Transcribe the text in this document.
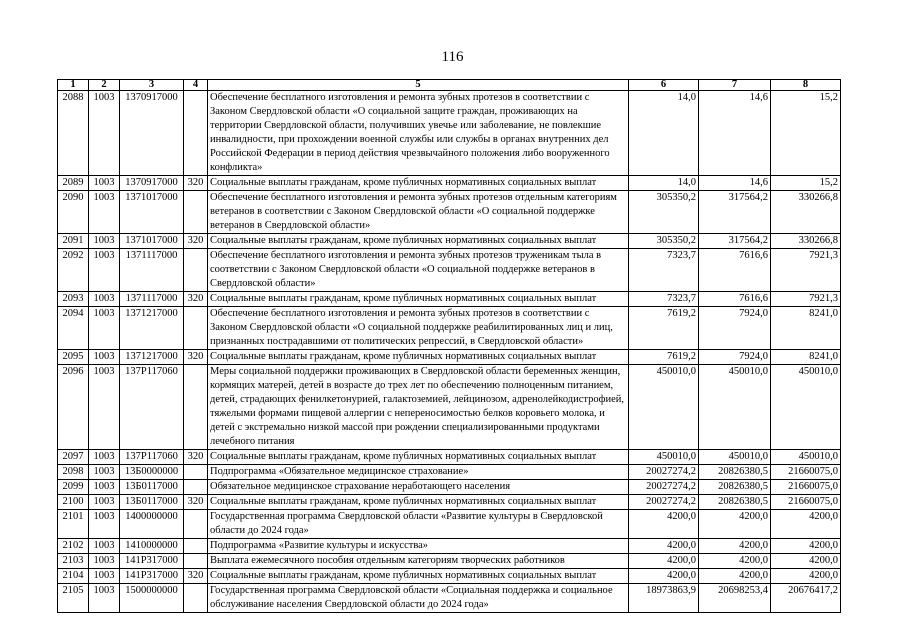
116
1	2	3	4	5	6	7	8
2088	1003	1370917000		Обеспечение бесплатного изготовления и ремонта зубных протезов в соответствии с Законом Свердловской области «О социальной защите граждан, проживающих на территории Свердловской области, получивших увечье или заболевание, не повлекшие инвалидности, при прохождении военной службы или службы в органах внутренних дел Российской Федерации в период действия чрезвычайного положения либо вооруженного конфликта»	14,0	14,6	15,2
2089	1003	1370917000	320	Социальные выплаты гражданам, кроме публичных нормативных социальных выплат	14,0	14,6	15,2
2090	1003	1371017000		Обеспечение бесплатного изготовления и ремонта зубных протезов отдельным категориям ветеранов в соответствии с Законом Свердловской области «О социальной поддержке ветеранов в Свердловской области»	305350,2	317564,2	330266,8
2091	1003	1371017000	320	Социальные выплаты гражданам, кроме публичных нормативных социальных выплат	305350,2	317564,2	330266,8
2092	1003	1371117000		Обеспечение бесплатного изготовления и ремонта зубных протезов труженикам тыла в соответствии с Законом Свердловской области «О социальной поддержке ветеранов в Свердловской области»	7323,7	7616,6	7921,3
2093	1003	1371117000	320	Социальные выплаты гражданам, кроме публичных нормативных социальных выплат	7323,7	7616,6	7921,3
2094	1003	1371217000		Обеспечение бесплатного изготовления и ремонта зубных протезов в соответствии с Законом Свердловской области «О социальной поддержке реабилитированных лиц и лиц, признанных пострадавшими от политических репрессий, в Свердловской области»	7619,2	7924,0	8241,0
2095	1003	1371217000	320	Социальные выплаты гражданам, кроме публичных нормативных социальных выплат	7619,2	7924,0	8241,0
2096	1003	137P117060		Меры социальной поддержки проживающих в Свердловской области беременных женщин, кормящих матерей, детей в возрасте до трех лет по обеспечению полноценным питанием, детей, страдающих фенилкетонурией, галактоземией, лейцинозом, адренолейкодистрофией, тяжелыми формами пищевой аллергии с непереносимостью белков коровьего молока, и детей с экстремально низкой массой при рождении специализированными продуктами лечебного питания	450010,0	450010,0	450010,0
2097	1003	137P117060	320	Социальные выплаты гражданам, кроме публичных нормативных социальных выплат	450010,0	450010,0	450010,0
2098	1003	13Б0000000		Подпрограмма «Обязательное медицинское страхование»	20027274,2	20826380,5	21660075,0
2099	1003	13Б0117000		Обязательное медицинское страхование неработающего населения	20027274,2	20826380,5	21660075,0
2100	1003	13Б0117000	320	Социальные выплаты гражданам, кроме публичных нормативных социальных выплат	20027274,2	20826380,5	21660075,0
2101	1003	1400000000		Государственная программа Свердловской области «Развитие культуры в Свердловской области до 2024 года»	4200,0	4200,0	4200,0
2102	1003	1410000000		Подпрограмма «Развитие культуры и искусства»	4200,0	4200,0	4200,0
2103	1003	141P317000		Выплата ежемесячного пособия отдельным категориям творческих работников	4200,0	4200,0	4200,0
2104	1003	141P317000	320	Социальные выплаты гражданам, кроме публичных нормативных социальных выплат	4200,0	4200,0	4200,0
2105	1003	1500000000		Государственная программа Свердловской области «Социальная поддержка и социальное обслуживание населения Свердловской области до 2024 года»	18973863,9	20698253,4	20676417,2
